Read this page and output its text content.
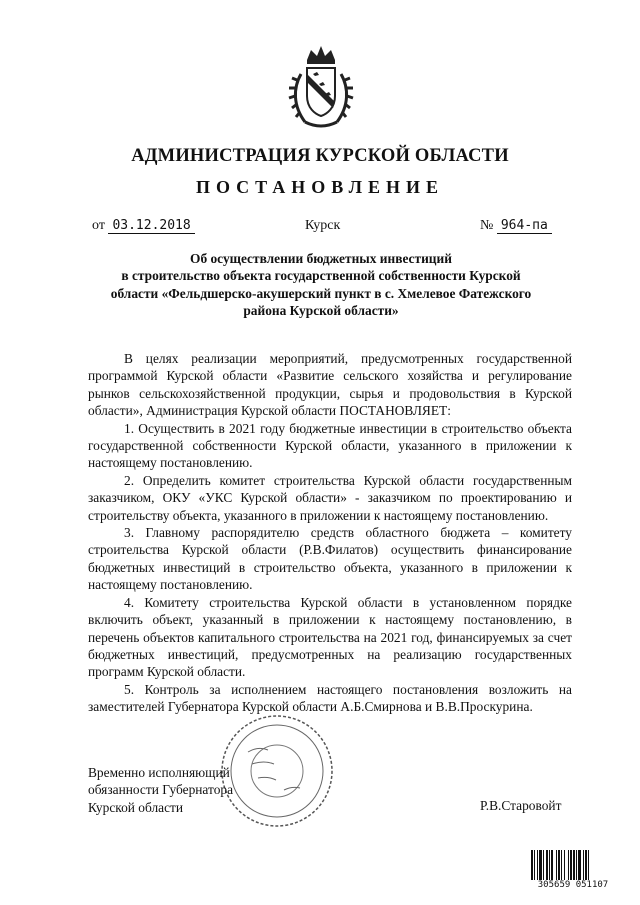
АДМИНИСТРАЦИЯ КУРСКОЙ ОБЛАСТИ
ПОСТАНОВЛЕНИЕ
от 03.12.2018	Курск	№ 964-па
Об осуществлении бюджетных инвестиций
в строительство объекта государственной собственности Курской
области «Фельдшерско-акушерский пункт в с. Хмелевое Фатежского
района Курской области»

В целях реализации мероприятий, предусмотренных государственной программой Курской области «Развитие сельского хозяйства и регулирование рынков сельскохозяйственной продукции, сырья и продовольствия в Курской области», Администрация Курской области ПОСТАНОВЛЯЕТ:

1. Осуществить в 2021 году бюджетные инвестиции в строительство объекта государственной собственности Курской области, указанного в приложении к настоящему постановлению.

2. Определить комитет строительства Курской области государственным заказчиком, ОКУ «УКС Курской области» - заказчиком по проектированию и строительству объекта, указанного в приложении к настоящему постановлению.

3. Главному распорядителю средств областного бюджета – комитету строительства Курской области (Р.В.Филатов) осуществить финансирование бюджетных инвестиций в строительство объекта, указанного в приложении к настоящему постановлению.

4. Комитету строительства Курской области в установленном порядке включить объект, указанный в приложении к настоящему постановлению, в перечень объектов капитального строительства на 2021 год, финансируемых за счет бюджетных инвестиций, предусмотренных на реализацию государственных программ Курской области.

5. Контроль за исполнением настоящего постановления возложить на заместителей Губернатора Курской области А.Б.Смирнова и В.В.Проскурина.

Временно исполняющий
обязанности Губернатора
Курской области	Р.В.Старовойт
305659 051107
